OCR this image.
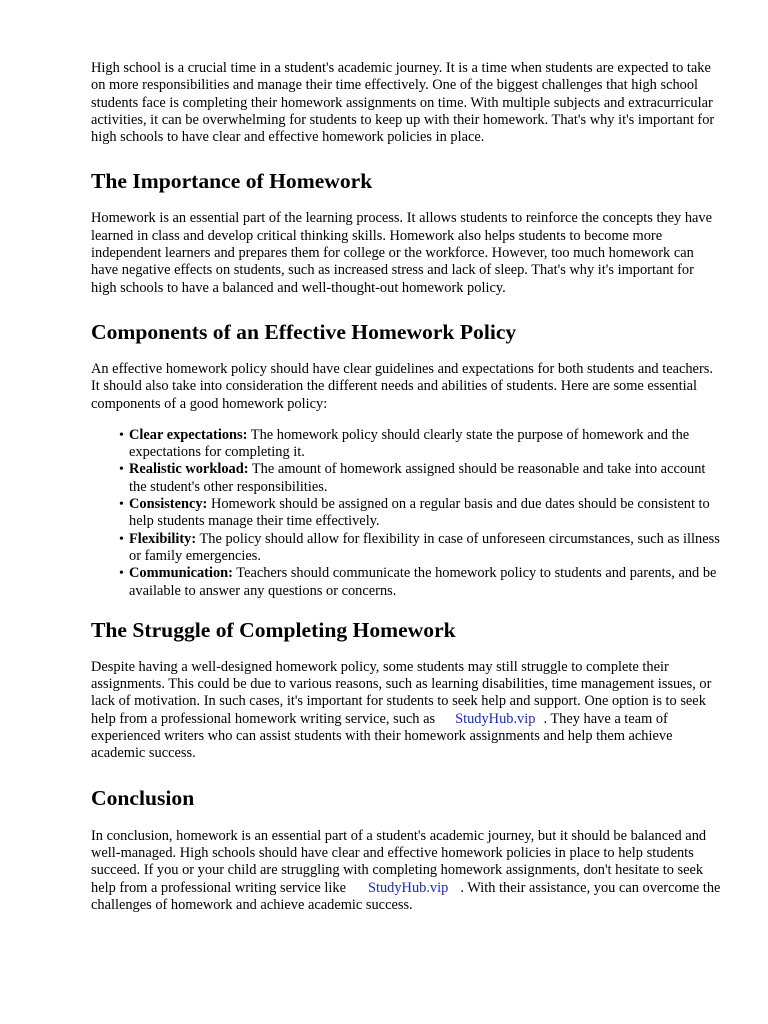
High school is a crucial time in a student's academic journey. It is a time when students are expected to take on more responsibilities and manage their time effectively. One of the biggest challenges that high school students face is completing their homework assignments on time. With multiple subjects and extracurricular activities, it can be overwhelming for students to keep up with their homework. That's why it's important for high schools to have clear and effective homework policies in place.

The Importance of Homework

Homework is an essential part of the learning process. It allows students to reinforce the concepts they have learned in class and develop critical thinking skills. Homework also helps students to become more independent learners and prepares them for college or the workforce. However, too much homework can have negative effects on students, such as increased stress and lack of sleep. That's why it's important for high schools to have a balanced and well-thought-out homework policy.

Components of an Effective Homework Policy

An effective homework policy should have clear guidelines and expectations for both students and teachers. It should also take into consideration the different needs and abilities of students. Here are some essential components of a good homework policy:

• Clear expectations: The homework policy should clearly state the purpose of homework and the expectations for completing it.
• Realistic workload: The amount of homework assigned should be reasonable and take into account the student's other responsibilities.
• Consistency: Homework should be assigned on a regular basis and due dates should be consistent to help students manage their time effectively.
• Flexibility: The policy should allow for flexibility in case of unforeseen circumstances, such as illness or family emergencies.
• Communication: Teachers should communicate the homework policy to students and parents, and be available to answer any questions or concerns.
The Struggle of Completing Homework

Despite having a well-designed homework policy, some students may still struggle to complete their assignments. This could be due to various reasons, such as learning disabilities, time management issues, or lack of motivation. In such cases, it's important for students to seek help and support. One option is to seek help from a professional homework writing service, such as StudyHub.vip . They have a team of experienced writers who can assist students with their homework assignments and help them achieve academic success.

Conclusion

In conclusion, homework is an essential part of a student's academic journey, but it should be balanced and well-managed. High schools should have clear and effective homework policies in place to help students succeed. If you or your child are struggling with completing homework assignments, don't hesitate to seek help from a professional writing service like StudyHub.vip . With their assistance, you can overcome the challenges of homework and achieve academic success.
